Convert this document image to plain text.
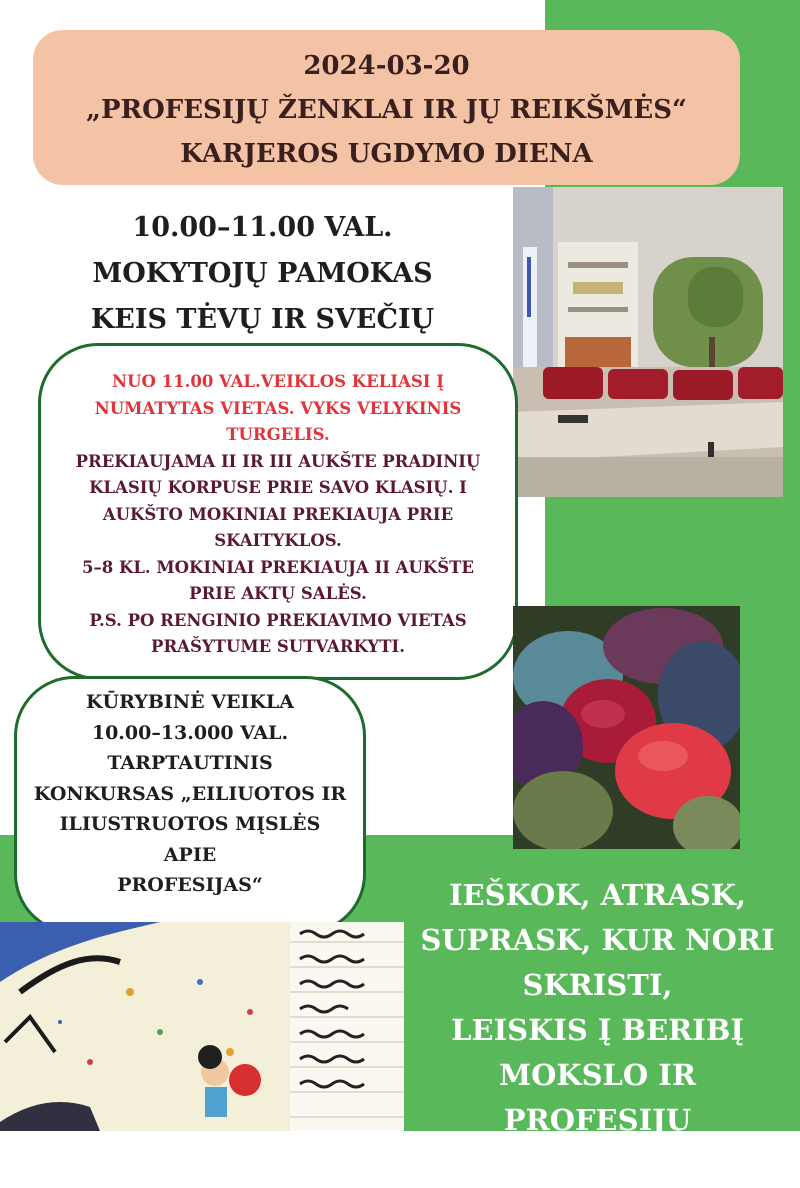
2024-03-20
„PROFESIJŲ ŽENKLAI IR JŲ REIKŠMĖS“
KARJEROS UGDYMO DIENA
10.00–11.00 VAL.
MOKYTOJŲ PAMOKAS
KEIS TĖVŲ IR SVEČIŲ
NUO 11.00 VAL.VEIKLOS KELIASI Į
NUMATYTAS VIETAS. VYKS VELYKINIS
TURGELIS.
PREKIAUJAMA II IR III AUKŠTE PRADINIŲ
KLASIŲ KORPUSE PRIE SAVO KLASIŲ. I
AUKŠTO MOKINIAI PREKIAUJA PRIE
SKAITYKLOS.
5–8 KL. MOKINIAI PREKIAUJA II AUKŠTE
PRIE AKTŲ SALĖS.
P.S. PO RENGINIO PREKIAVIMO VIETAS
PRAŠYTUME SUTVARKYTI.
KŪRYBINĖ VEIKLA
10.00–13.000 VAL.
TARPTAUTINIS
KONKURSAS „EILIUOTOS IR
ILIUSTRUOTOS MĮSLĖS
APIE
PROFESIJAS“	IEŠKOK, ATRASK,
SUPRASK, KUR NORI
SKRISTI,
LEISKIS Į BERIBĮ
MOKSLO IR PROFESIJŲ
KELIĄ...
